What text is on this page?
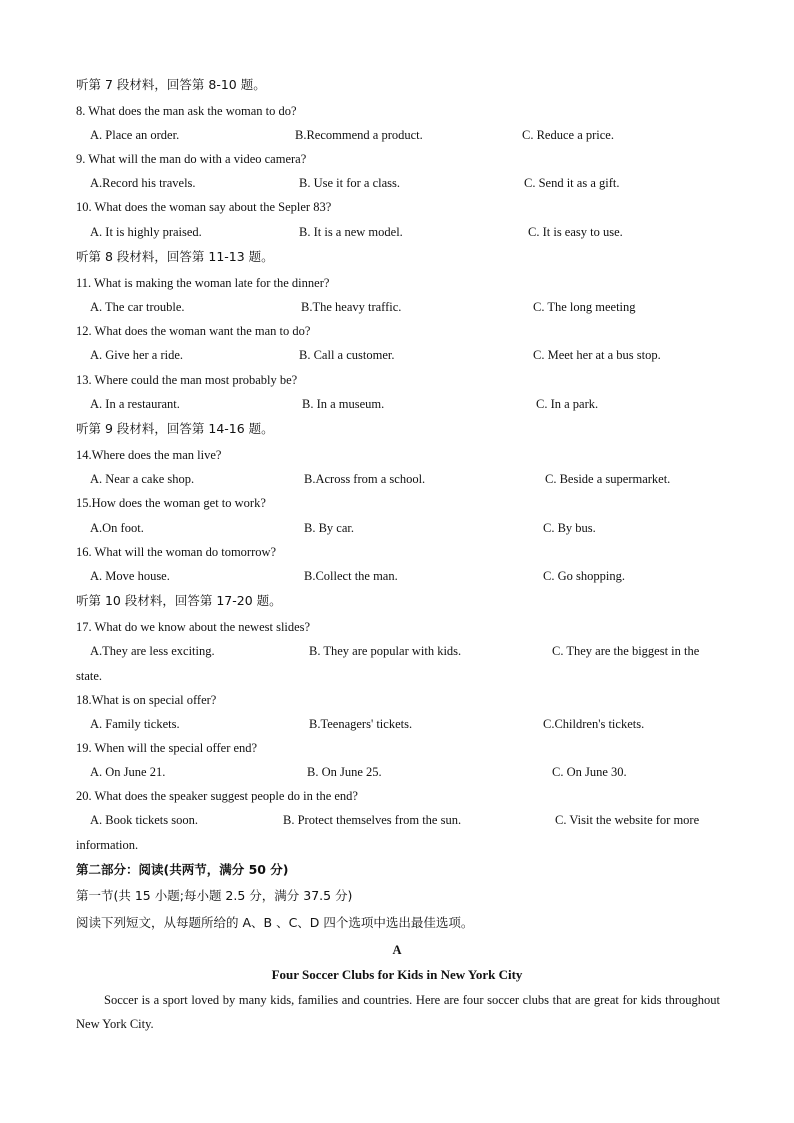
听第 7 段材料，回答第 8-10 题。
8. What does the man ask the woman to do?
A. Place an order.	B.Recommend a product.	C. Reduce a price.
9. What will the man do with a video camera?
A.Record his travels.	B. Use it for a class.	C. Send it as a gift.
10. What does the woman say about the Sepler 83?
A. It is highly praised.	B. It is a new model.	C. It is easy to use.
听第 8 段材料，回答第 11-13 题。
11. What is making the woman late for the dinner?
A. The car trouble.	B.The heavy traffic.	C. The long meeting
12. What does the woman want the man to do?
A. Give her a ride.	B. Call a customer.	C. Meet her at a bus stop.
13. Where could the man most probably be?
A. In a restaurant.	B. In a museum.	C. In a park.
听第 9 段材料，回答第 14-16 题。
14.Where does the man live?
A. Near a cake shop.	B.Across from a school.	C. Beside a supermarket.
15.How does the woman get to work?
A.On foot.	B. By car.	C. By bus.
16. What will the woman do tomorrow?
A. Move house.	B.Collect the man.	C. Go shopping.
听第 10 段材料，回答第 17-20 题。
17. What do we know about the newest slides?
A.They are less exciting.	B. They are popular with kids.	C. They are the biggest in the
state.
18.What is on special offer?
A. Family tickets.	B.Teenagers' tickets.	C.Children's tickets.
19. When will the special offer end?
A. On June 21.	B. On June 25.	C. On June 30.
20. What does the speaker suggest people do in the end?
A. Book tickets soon.	B. Protect themselves from the sun.	C. Visit the website for more
information.
第二部分：阅读(共两节，满分 50 分)
第一节(共 15 小题;每小题 2.5 分，满分 37.5 分)
阅读下列短文，从每题所给的 A、B 、C、D 四个选项中选出最佳选项。
A
Four Soccer Clubs for Kids in New York City
Soccer is a sport loved by many kids, families and countries. Here are four soccer clubs that are great for kids throughout New York City.
